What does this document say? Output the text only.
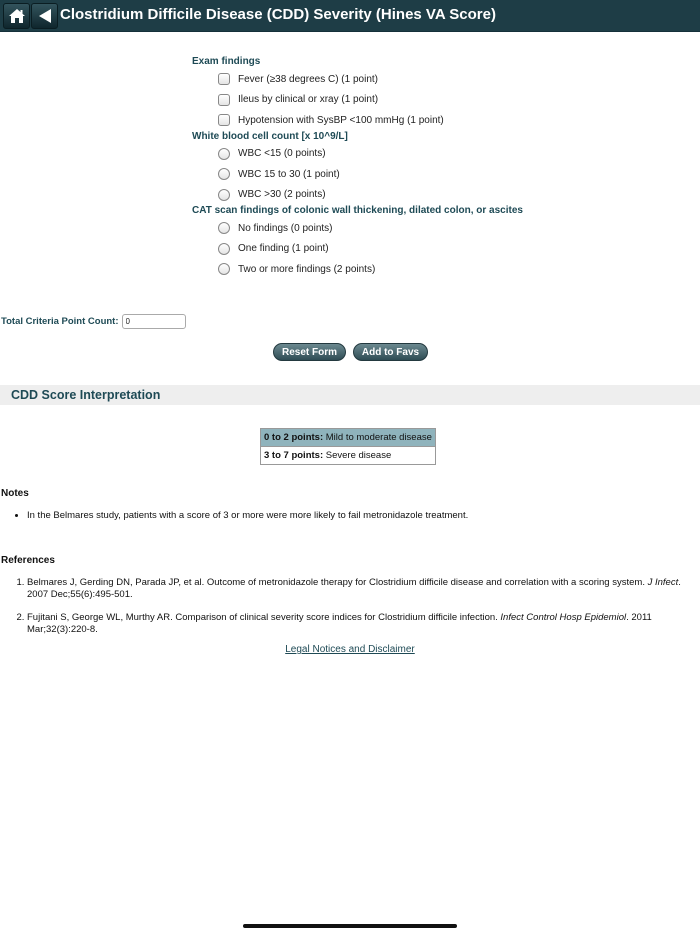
Clostridium Difficile Disease (CDD) Severity (Hines VA Score)
Exam findings
Fever (≥38 degrees C) (1 point)
Ileus by clinical or xray (1 point)
Hypotension with SysBP <100 mmHg (1 point)
White blood cell count [x 10^9/L]
WBC <15 (0 points)
WBC 15 to 30 (1 point)
WBC >30 (2 points)
CAT scan findings of colonic wall thickening, dilated colon, or ascites
No findings (0 points)
One finding (1 point)
Two or more findings (2 points)
Total Criteria Point Count:
0
Reset Form	Add to Favs
CDD Score Interpretation
0 to 2 points: Mild to moderate disease
3 to 7 points: Severe disease
Notes
• In the Belmares study, patients with a score of 3 or more were more likely to fail metronidazole treatment.
References
1. Belmares J, Gerding DN, Parada JP, et al. Outcome of metronidazole therapy for Clostridium difficile disease and correlation with a scoring system. J Infect. 2007 Dec;55(6):495-501.
2. Fujitani S, George WL, Murthy AR. Comparison of clinical severity score indices for Clostridium difficile infection. Infect Control Hosp Epidemiol. 2011 Mar;32(3):220-8.
Legal Notices and Disclaimer
